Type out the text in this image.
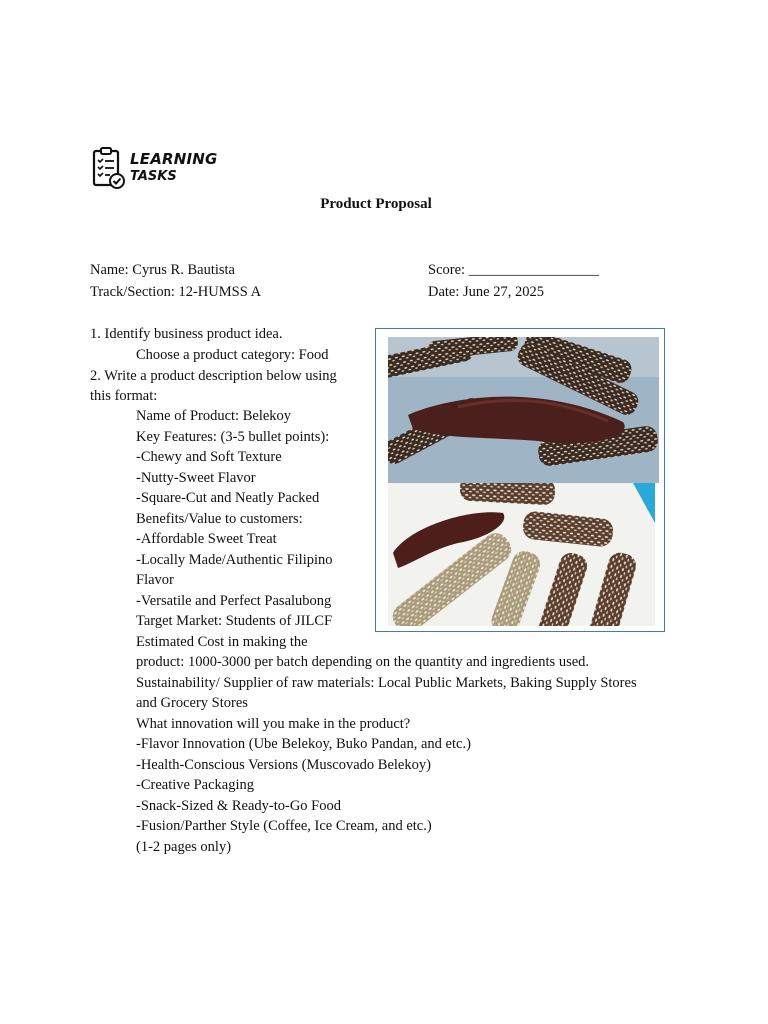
LEARNING
TASKS
Product Proposal
Name: Cyrus R. Bautista
Track/Section: 12-HUMSS A
Score: __________________
Date: June 27, 2025
1. Identify business product idea.
Choose a product category: Food
2. Write a product description below using
this format:
Name of Product: Belekoy
Key Features: (3-5 bullet points):
-Chewy and Soft Texture
-Nutty-Sweet Flavor
-Square-Cut and Neatly Packed
Benefits/Value to customers:
-Affordable Sweet Treat
-Locally Made/Authentic Filipino
Flavor
-Versatile and Perfect Pasalubong
Target Market: Students of JILCF
Estimated Cost in making the
product: 1000-3000 per batch depending on the quantity and ingredients used.
Sustainability/ Supplier of raw materials: Local Public Markets, Baking Supply Stores
and Grocery Stores
What innovation will you make in the product?
-Flavor Innovation (Ube Belekoy, Buko Pandan, and etc.)
-Health-Conscious Versions (Muscovado Belekoy)
-Creative Packaging
-Snack-Sized & Ready-to-Go Food
-Fusion/Parther Style (Coffee, Ice Cream, and etc.)
(1-2 pages only)
